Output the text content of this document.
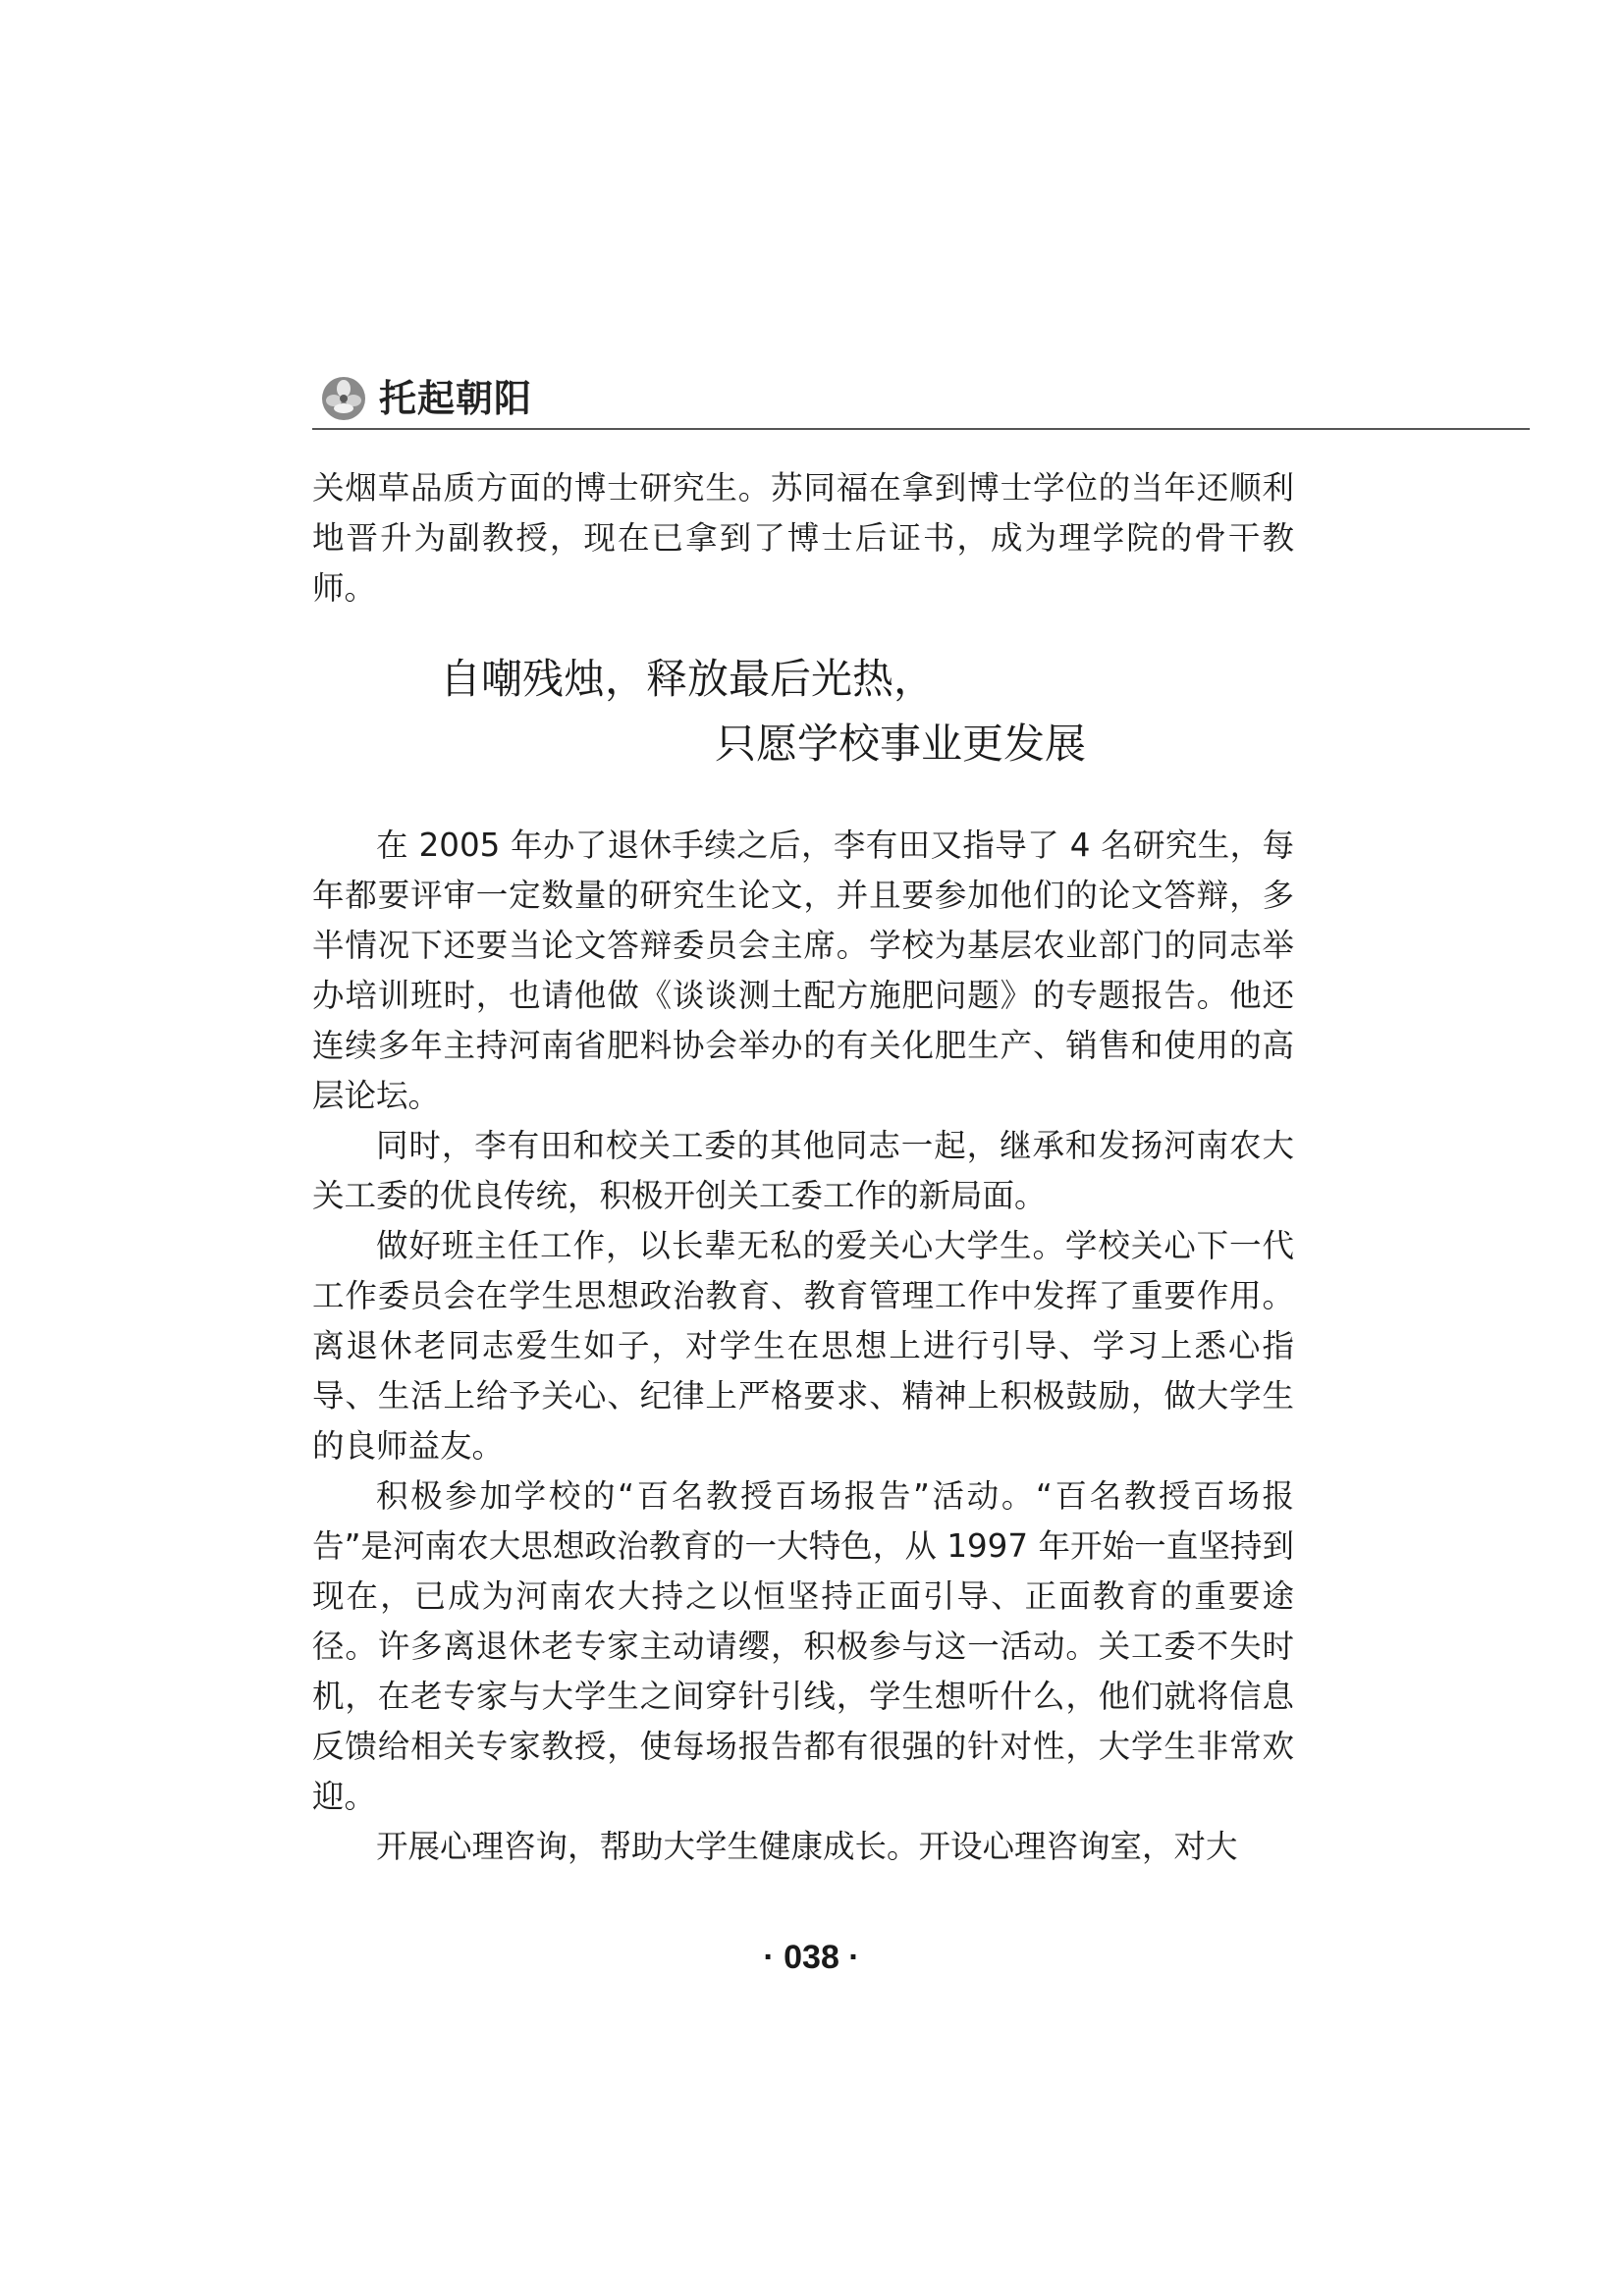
托起朝阳

关烟草品质方面的博士研究生。苏同福在拿到博士学位的当年还顺利地晋升为副教授，现在已拿到了博士后证书，成为理学院的骨干教师。

自嘲残烛，释放最后光热，
只愿学校事业更发展

在 2005 年办了退休手续之后，李有田又指导了 4 名研究生，每年都要评审一定数量的研究生论文，并且要参加他们的论文答辩，多半情况下还要当论文答辩委员会主席。学校为基层农业部门的同志举办培训班时，也请他做《谈谈测土配方施肥问题》的专题报告。他还连续多年主持河南省肥料协会举办的有关化肥生产、销售和使用的高层论坛。

同时，李有田和校关工委的其他同志一起，继承和发扬河南农大关工委的优良传统，积极开创关工委工作的新局面。

做好班主任工作，以长辈无私的爱关心大学生。学校关心下一代工作委员会在学生思想政治教育、教育管理工作中发挥了重要作用。离退休老同志爱生如子，对学生在思想上进行引导、学习上悉心指导、生活上给予关心、纪律上严格要求、精神上积极鼓励，做大学生的良师益友。

积极参加学校的“百名教授百场报告”活动。“百名教授百场报告”是河南农大思想政治教育的一大特色，从 1997 年开始一直坚持到现在，已成为河南农大持之以恒坚持正面引导、正面教育的重要途径。许多离退休老专家主动请缨，积极参与这一活动。关工委不失时机，在老专家与大学生之间穿针引线，学生想听什么，他们就将信息反馈给相关专家教授，使每场报告都有很强的针对性，大学生非常欢迎。

开展心理咨询，帮助大学生健康成长。开设心理咨询室，对大

· 038 ·
